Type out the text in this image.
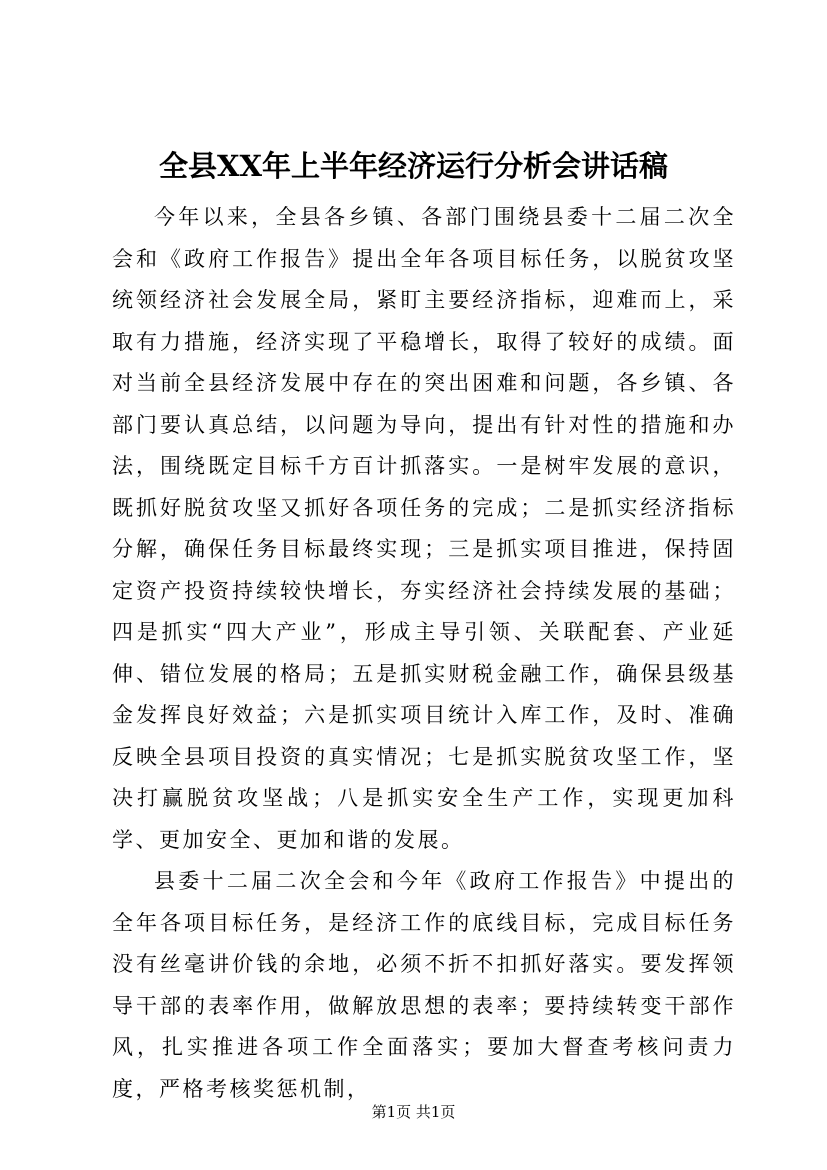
全县XX年上半年经济运行分析会讲话稿

今年以来，全县各乡镇、各部门围绕县委十二届二次全会和《政府工作报告》提出全年各项目标任务，以脱贫攻坚统领经济社会发展全局，紧盯主要经济指标，迎难而上，采取有力措施，经济实现了平稳增长，取得了较好的成绩。面对当前全县经济发展中存在的突出困难和问题，各乡镇、各部门要认真总结，以问题为导向，提出有针对性的措施和办法，围绕既定目标千方百计抓落实。一是树牢发展的意识，既抓好脱贫攻坚又抓好各项任务的完成；二是抓实经济指标分解，确保任务目标最终实现；三是抓实项目推进，保持固定资产投资持续较快增长，夯实经济社会持续发展的基础；四是抓实“四大产业”，形成主导引领、关联配套、产业延伸、错位发展的格局；五是抓实财税金融工作，确保县级基金发挥良好效益；六是抓实项目统计入库工作，及时、准确反映全县项目投资的真实情况；七是抓实脱贫攻坚工作，坚决打赢脱贫攻坚战；八是抓实安全生产工作，实现更加科学、更加安全、更加和谐的发展。

县委十二届二次全会和今年《政府工作报告》中提出的全年各项目标任务，是经济工作的底线目标，完成目标任务没有丝毫讲价钱的余地，必须不折不扣抓好落实。要发挥领导干部的表率作用，做解放思想的表率；要持续转变干部作风，扎实推进各项工作全面落实；要加大督查考核问责力度，严格考核奖惩机制，

第1页 共1页
